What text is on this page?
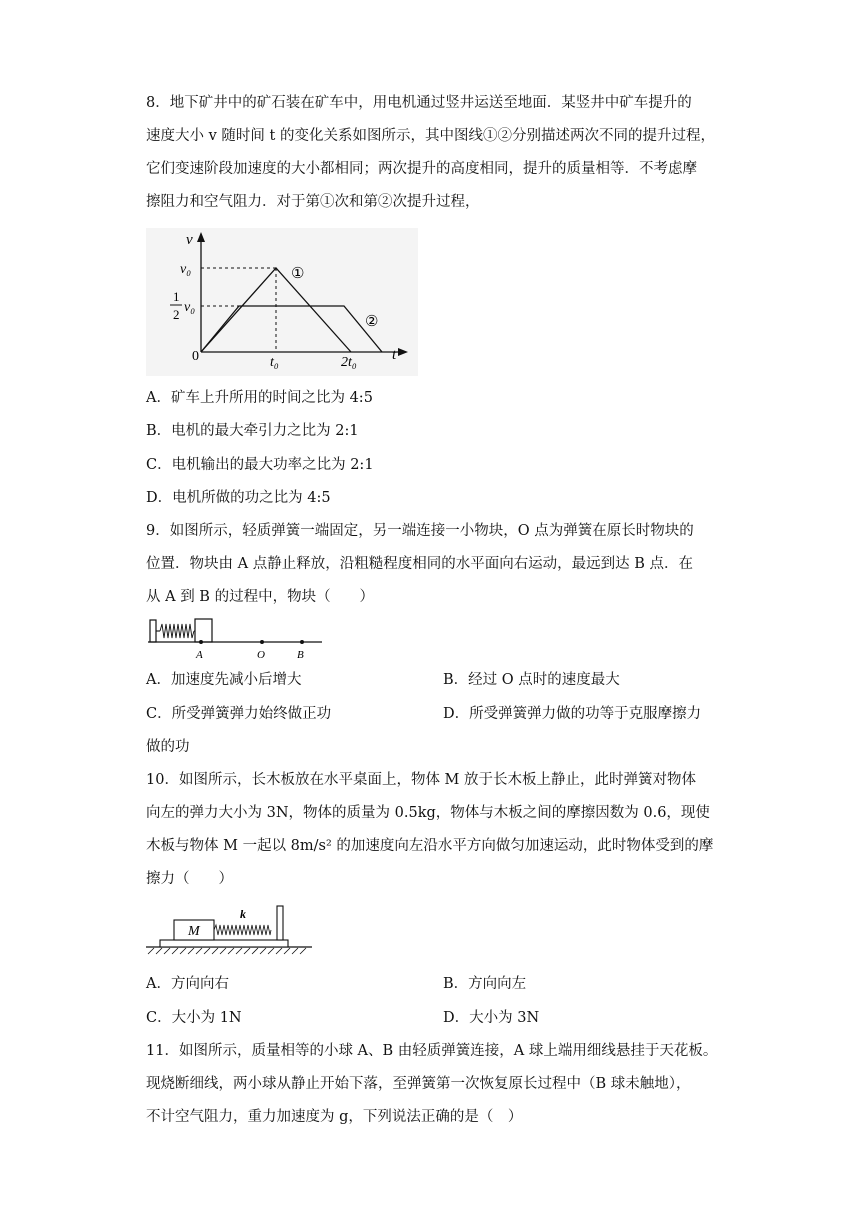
8．地下矿井中的矿石装在矿车中，用电机通过竖井运送至地面．某竖井中矿车提升的
速度大小 v 随时间 t 的变化关系如图所示，其中图线①②分别描述两次不同的提升过程，
它们变速阶段加速度的大小都相同；两次提升的高度相同，提升的质量相等．不考虑摩
擦阻力和空气阻力．对于第①次和第②次提升过程，
v
t
0
v₀
1
2 v₀
t₀	2t₀
①
②
A．矿车上升所用的时间之比为 4:5
B．电机的最大牵引力之比为 2:1
C．电机输出的最大功率之比为 2:1
D．电机所做的功之比为 4:5
9．如图所示，轻质弹簧一端固定，另一端连接一小物块，O 点为弹簧在原长时物块的
位置．物块由 A 点静止释放，沿粗糙程度相同的水平面向右运动，最远到达 B 点．在
从 A 到 B 的过程中，物块（　　）
A	O	B
A．加速度先减小后增大	B．经过 O 点时的速度最大
C．所受弹簧弹力始终做正功	D．所受弹簧弹力做的功等于克服摩擦力
做的功
10．如图所示，长木板放在水平桌面上，物体 M 放于长木板上静止，此时弹簧对物体
向左的弹力大小为 3N，物体的质量为 0.5kg，物体与木板之间的摩擦因数为 0.6，现使
木板与物体 M 一起以 8m/s² 的加速度向左沿水平方向做匀加速运动，此时物体受到的摩
擦力（　　）
M
k
A．方向向右	B．方向向左
C．大小为 1N	D．大小为 3N
11．如图所示，质量相等的小球 A、B 由轻质弹簧连接，A 球上端用细线悬挂于天花板。
现烧断细线，两小球从静止开始下落，至弹簧第一次恢复原长过程中（B 球未触地），
不计空气阻力，重力加速度为 g，下列说法正确的是（　）
